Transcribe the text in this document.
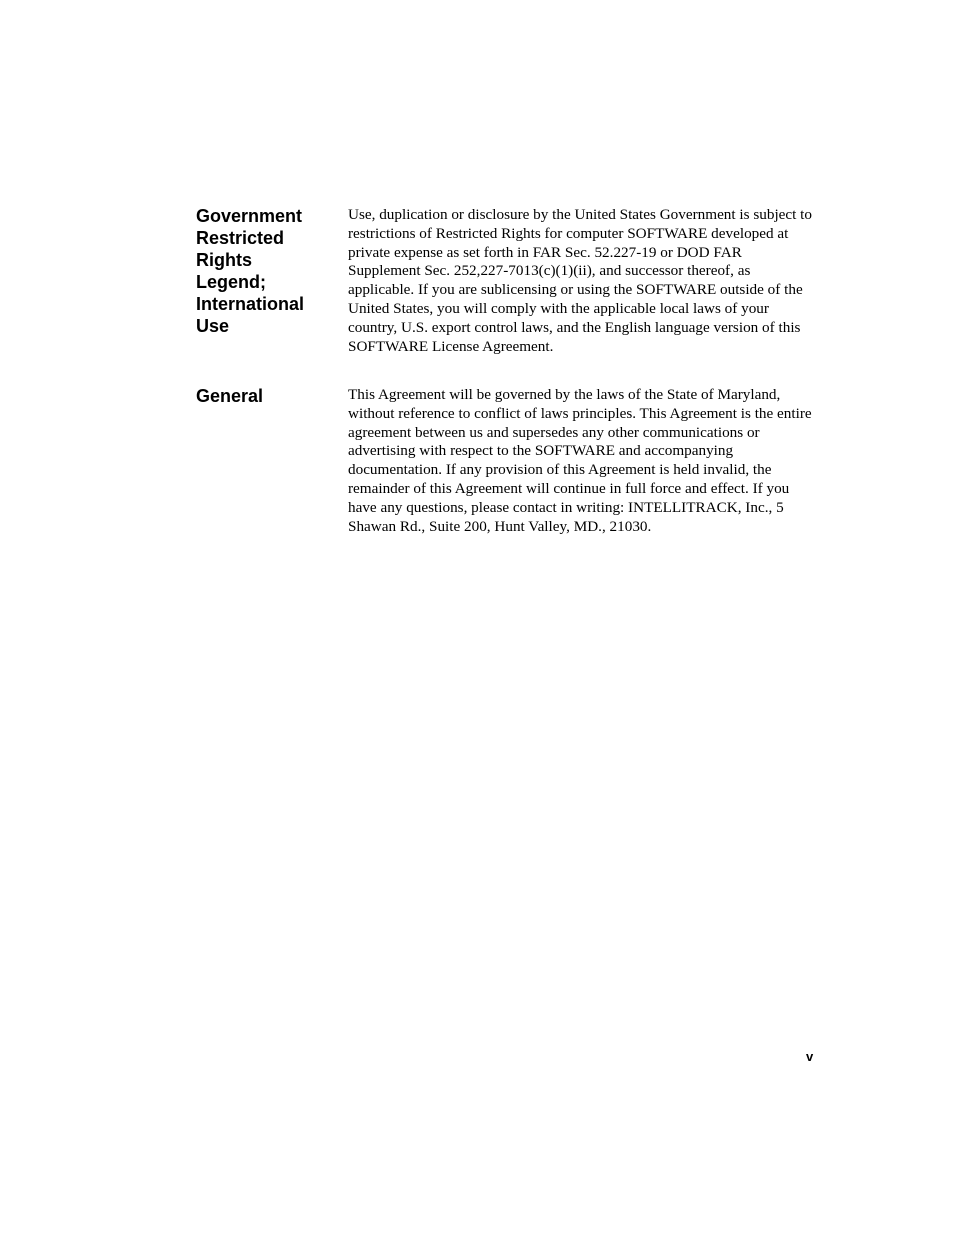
Government
Restricted
Rights
Legend;
International
Use

Use, duplication or disclosure by the United States Government is subject to restrictions of Restricted Rights for computer SOFTWARE developed at private expense as set forth in FAR Sec. 52.227-19 or DOD FAR Supplement Sec. 252,227-7013(c)(1)(ii), and successor thereof, as applicable. If you are sublicensing or using the SOFTWARE outside of the United States, you will comply with the applicable local laws of your country, U.S. export control laws, and the English language version of this SOFTWARE License Agreement.

General	This Agreement will be governed by the laws of the State of Maryland, without reference to conflict of laws principles. This Agreement is the entire agreement between us and supersedes any other communications or advertising with respect to the SOFTWARE and accompanying documentation. If any provision of this Agreement is held invalid, the remainder of this Agreement will continue in full force and effect. If you have any questions, please contact in writing: INTELLITRACK, Inc., 5 Shawan Rd., Suite 200, Hunt Valley, MD., 21030.

v
